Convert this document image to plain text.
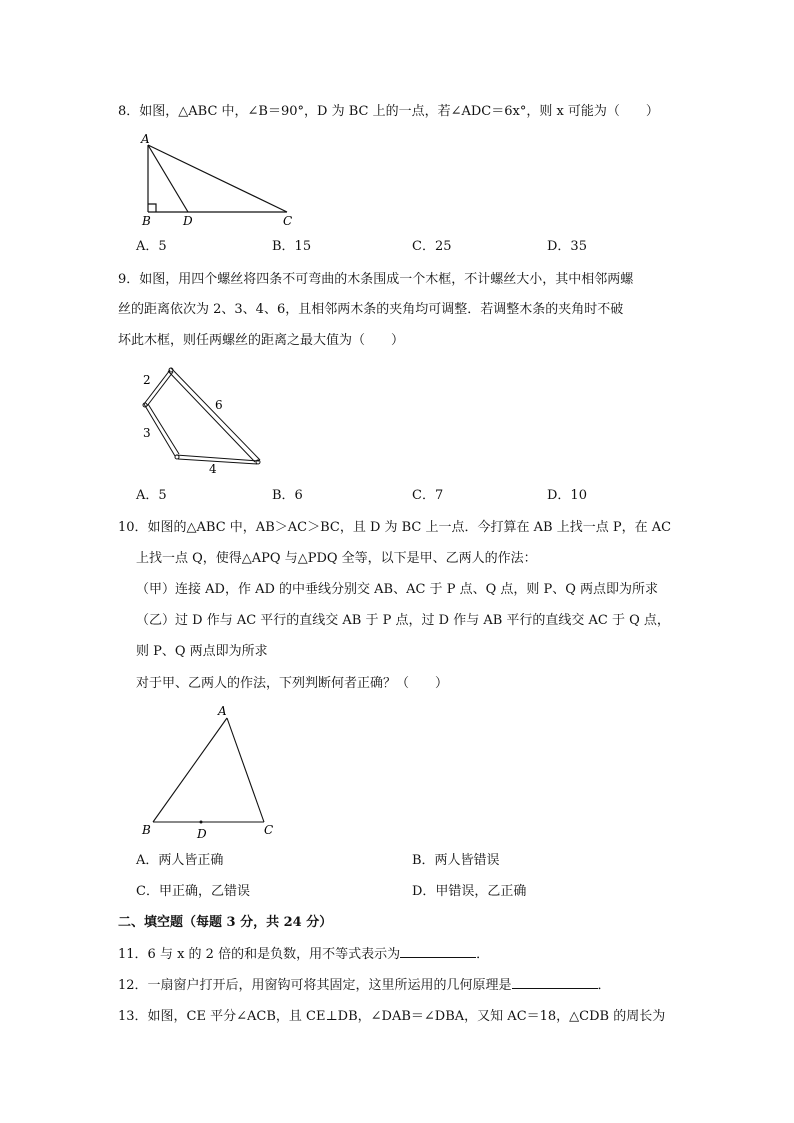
8．如图，△ABC 中，∠B＝90°，D 为 BC 上的一点，若∠ADC＝6x°，则 x 可能为（　　）
A
B	D	C
2
3
4
6
A
B	D	C
A．5	B．15	C．25	D．35
9．如图，用四个螺丝将四条不可弯曲的木条围成一个木框，不计螺丝大小，其中相邻两螺
丝的距离依次为 2、3、4、6，且相邻两木条的夹角均可调整．若调整木条的夹角时不破
坏此木框，则任两螺丝的距离之最大值为（　　）
A．5	B．6	C．7	D．10
10．如图的△ABC 中，AB＞AC＞BC，且 D 为 BC 上一点．今打算在 AB 上找一点 P，在 AC
上找一点 Q，使得△APQ 与△PDQ 全等，以下是甲、乙两人的作法：
（甲）连接 AD，作 AD 的中垂线分别交 AB、AC 于 P 点、Q 点，则 P、Q 两点即为所求
（乙）过 D 作与 AC 平行的直线交 AB 于 P 点，过 D 作与 AB 平行的直线交 AC 于 Q 点，
则 P、Q 两点即为所求
对于甲、乙两人的作法，下列判断何者正确？（　　）
A．两人皆正确	B．两人皆错误
C．甲正确，乙错误	D．甲错误，乙正确
二、填空题（每题 3 分，共 24 分）
11．6 与 x 的 2 倍的和是负数，用不等式表示为	．
12．一扇窗户打开后，用窗钩可将其固定，这里所运用的几何原理是	．
13．如图，CE 平分∠ACB，且 CE⊥DB，∠DAB＝∠DBA，又知 AC＝18，△CDB 的周长为
